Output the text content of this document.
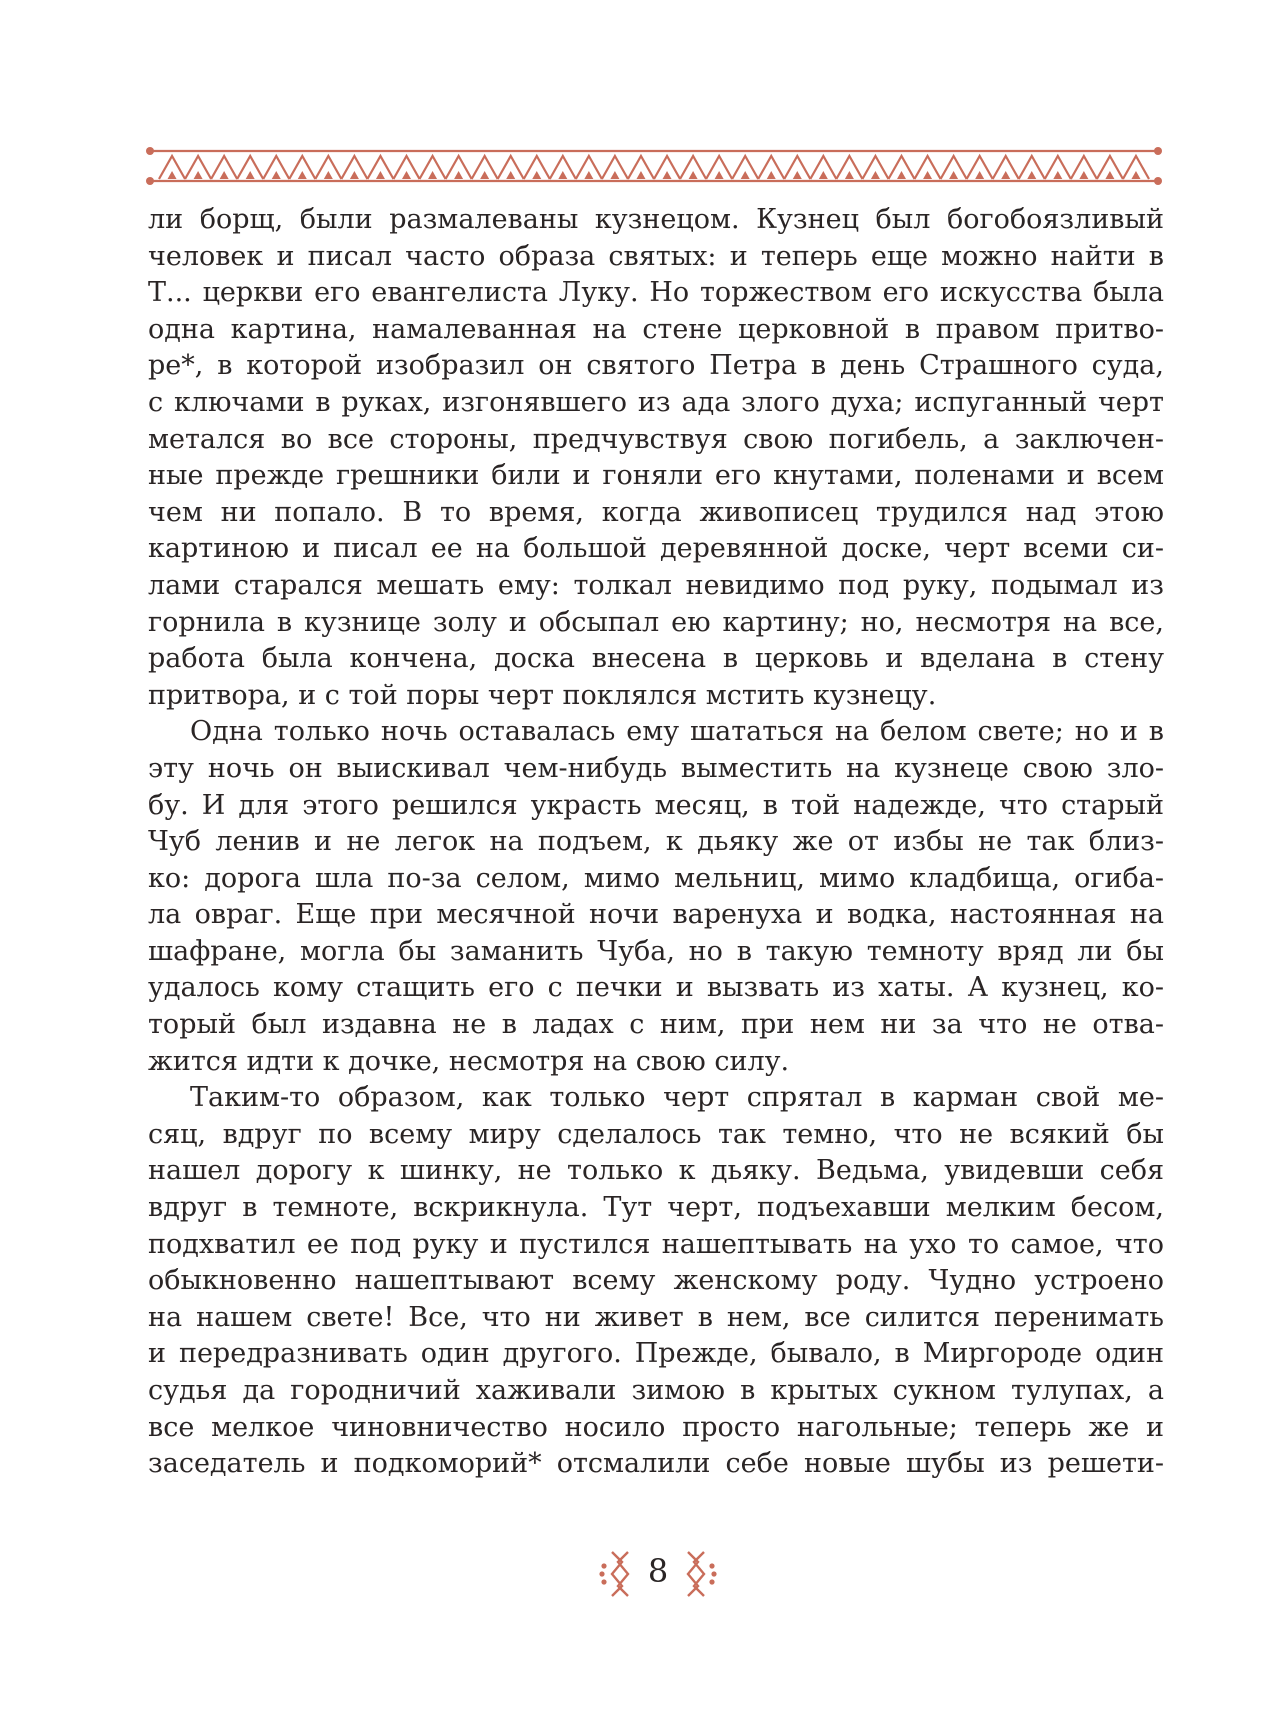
ли борщ, были размалеваны кузнецом. Кузнец был богобоязливый
человек и писал часто образа святых: и теперь еще можно найти в
Т... церкви его евангелиста Луку. Но торжеством его искусства была
одна картина, намалеванная на стене церковной в правом притво-
ре*, в которой изобразил он святого Петра в день Страшного суда,
с ключами в руках, изгонявшего из ада злого духа; испуганный черт
метался во все стороны, предчувствуя свою погибель, а заключен-
ные прежде грешники били и гоняли его кнутами, поленами и всем
чем ни попало. В то время, когда живописец трудился над этою
картиною и писал ее на большой деревянной доске, черт всеми си-
лами старался мешать ему: толкал невидимо под руку, подымал из
горнила в кузнице золу и обсыпал ею картину; но, несмотря на все,
работа была кончена, доска внесена в церковь и вделана в стену
притвора, и с той поры черт поклялся мстить кузнецу.

Одна только ночь оставалась ему шататься на белом свете; но и в
эту ночь он выискивал чем-нибудь выместить на кузнеце свою зло-
бу. И для этого решился украсть месяц, в той надежде, что старый
Чуб ленив и не легок на подъем, к дьяку же от избы не так близ-
ко: дорога шла по-за селом, мимо мельниц, мимо кладбища, огиба-
ла овраг. Еще при месячной ночи варенуха и водка, настоянная на
шафране, могла бы заманить Чуба, но в такую темноту вряд ли бы
удалось кому стащить его с печки и вызвать из хаты. А кузнец, ко-
торый был издавна не в ладах с ним, при нем ни за что не отва-
жится идти к дочке, несмотря на свою силу.

Таким-то образом, как только черт спрятал в карман свой ме-
сяц, вдруг по всему миру сделалось так темно, что не всякий бы
нашел дорогу к шинку, не только к дьяку. Ведьма, увидевши себя
вдруг в темноте, вскрикнула. Тут черт, подъехавши мелким бесом,
подхватил ее под руку и пустился нашептывать на ухо то самое, что
обыкновенно нашептывают всему женскому роду. Чудно устроено
на нашем свете! Все, что ни живет в нем, все силится перенимать
и передразнивать один другого. Прежде, бывало, в Миргороде один
судья да городничий хаживали зимою в крытых сукном тулупах, а
все мелкое чиновничество носило просто нагольные; теперь же и
заседатель и подкоморий* отсмалили себе новые шубы из решети-

8
